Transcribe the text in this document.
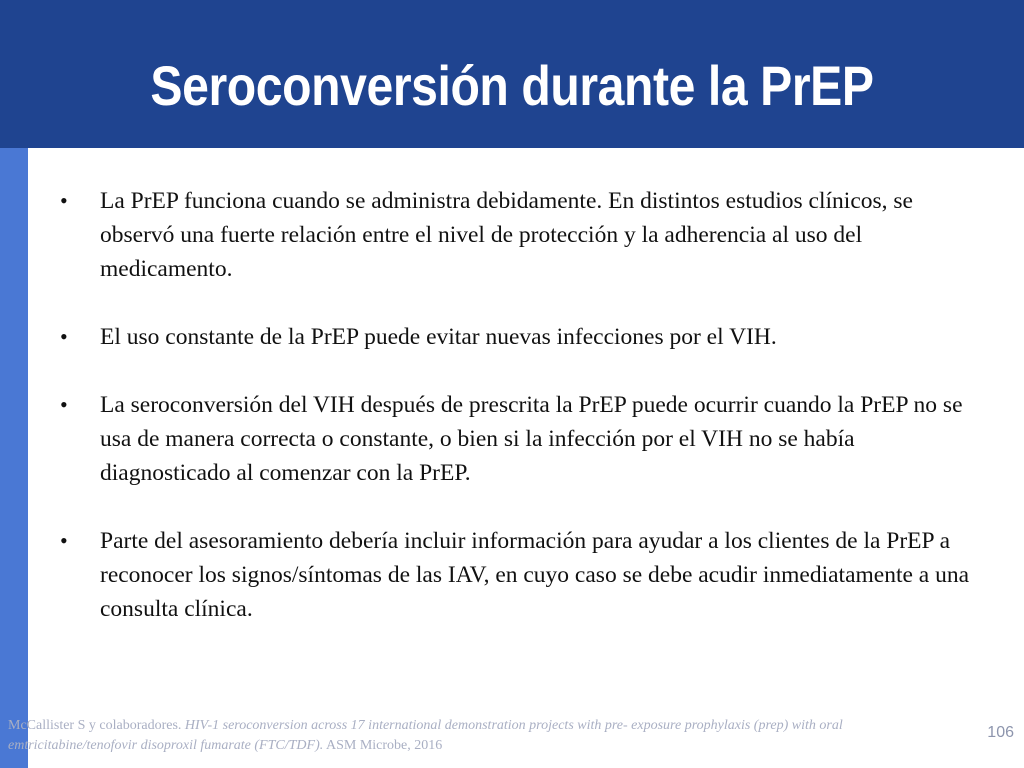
Seroconversión durante la PrEP
•	La PrEP funciona cuando se administra debidamente. En distintos estudios clínicos, se observó una fuerte relación entre el nivel de protección y la adherencia al uso del medicamento.
•	El uso constante de la PrEP puede evitar nuevas infecciones por el VIH.
•	La seroconversión del VIH después de prescrita la PrEP puede ocurrir cuando la PrEP no se usa de manera correcta o constante, o bien si la infección por el VIH no se había diagnosticado al comenzar con la PrEP.
•	Parte del asesoramiento debería incluir información para ayudar a los clientes de la PrEP a reconocer los signos/síntomas de las IAV, en cuyo caso se debe acudir inmediatamente a una consulta clínica.
McCallister S y colaboradores. HIV-1 seroconversion across 17 international demonstration projects with pre- exposure prophylaxis (prep) with oral emtricitabine/tenofovir disoproxil fumarate (FTC/TDF). ASM Microbe, 2016
106
